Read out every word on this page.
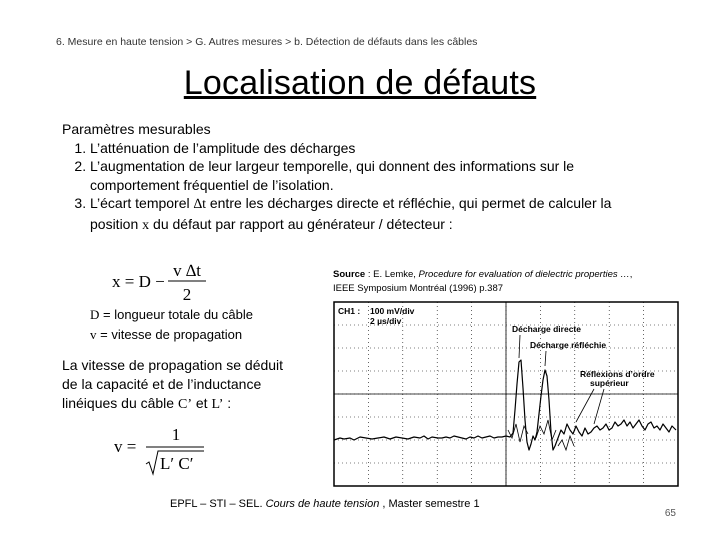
6. Mesure en haute tension > G. Autres mesures > b. Détection de défauts dans les câbles
Localisation de défauts
Paramètres mesurables
1. L’atténuation de l’amplitude des décharges
2. L’augmentation de leur largeur temporelle, qui donnent des informations sur le comportement fréquentiel de l’isolation.
3. L’écart temporel ∆t entre les décharges directe et réfléchie, qui permet de calculer la position x du défaut par rapport au générateur / détecteur :
x = D −
v ∆t
2
D = longueur totale du câble
v = vitesse de propagation
Source : E. Lemke, Procedure for evaluation of dielectric properties …,
IEEE Symposium Montréal (1996) p.387
La vitesse de propagation se déduit
de la capacité et de l’inductance
linéiques du câble C’ et L’ :
v =
1
L′ C′
CH1 : 100 mV/div
2 µs/div
Décharge directe
Décharge réfléchie
Réflexions d’ordre
supérieur
EPFL – STI – SEL. Cours de haute tension , Master semestre 1
65
